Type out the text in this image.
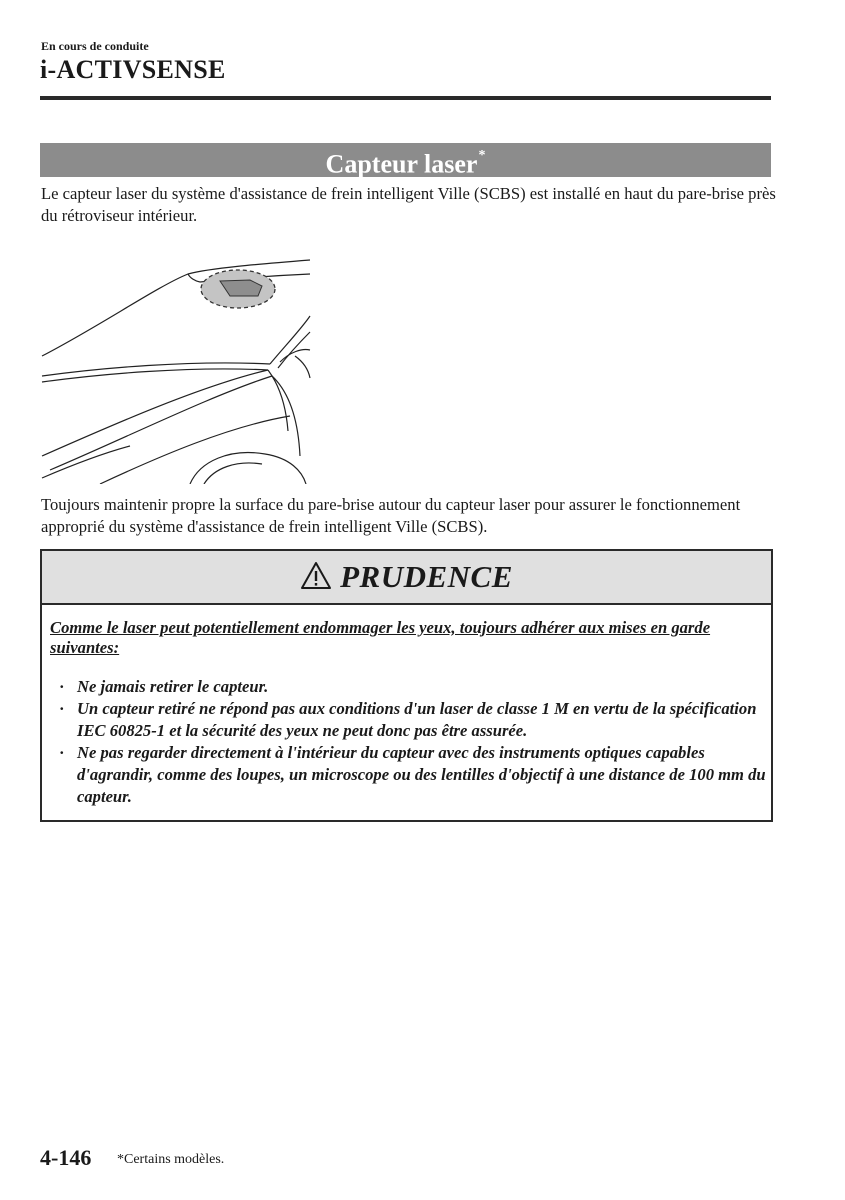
En cours de conduite
i-ACTIVSENSE
Capteur laser*

Le capteur laser du système d'assistance de frein intelligent Ville (SCBS) est installé en haut du pare-brise près du rétroviseur intérieur.

Toujours maintenir propre la surface du pare-brise autour du capteur laser pour assurer le fonctionnement approprié du système d'assistance de frein intelligent Ville (SCBS).

PRUDENCE

Comme le laser peut potentiellement endommager les yeux, toujours adhérer aux mises en garde suivantes:

· Ne jamais retirer le capteur.
· Un capteur retiré ne répond pas aux conditions d'un laser de classe 1 M en vertu de la spécification IEC 60825-1 et la sécurité des yeux ne peut donc pas être assurée.
· Ne pas regarder directement à l'intérieur du capteur avec des instruments optiques capables d'agrandir, comme des loupes, un microscope ou des lentilles d'objectif à une distance de 100 mm du capteur.
4-146 *Certains modèles.
